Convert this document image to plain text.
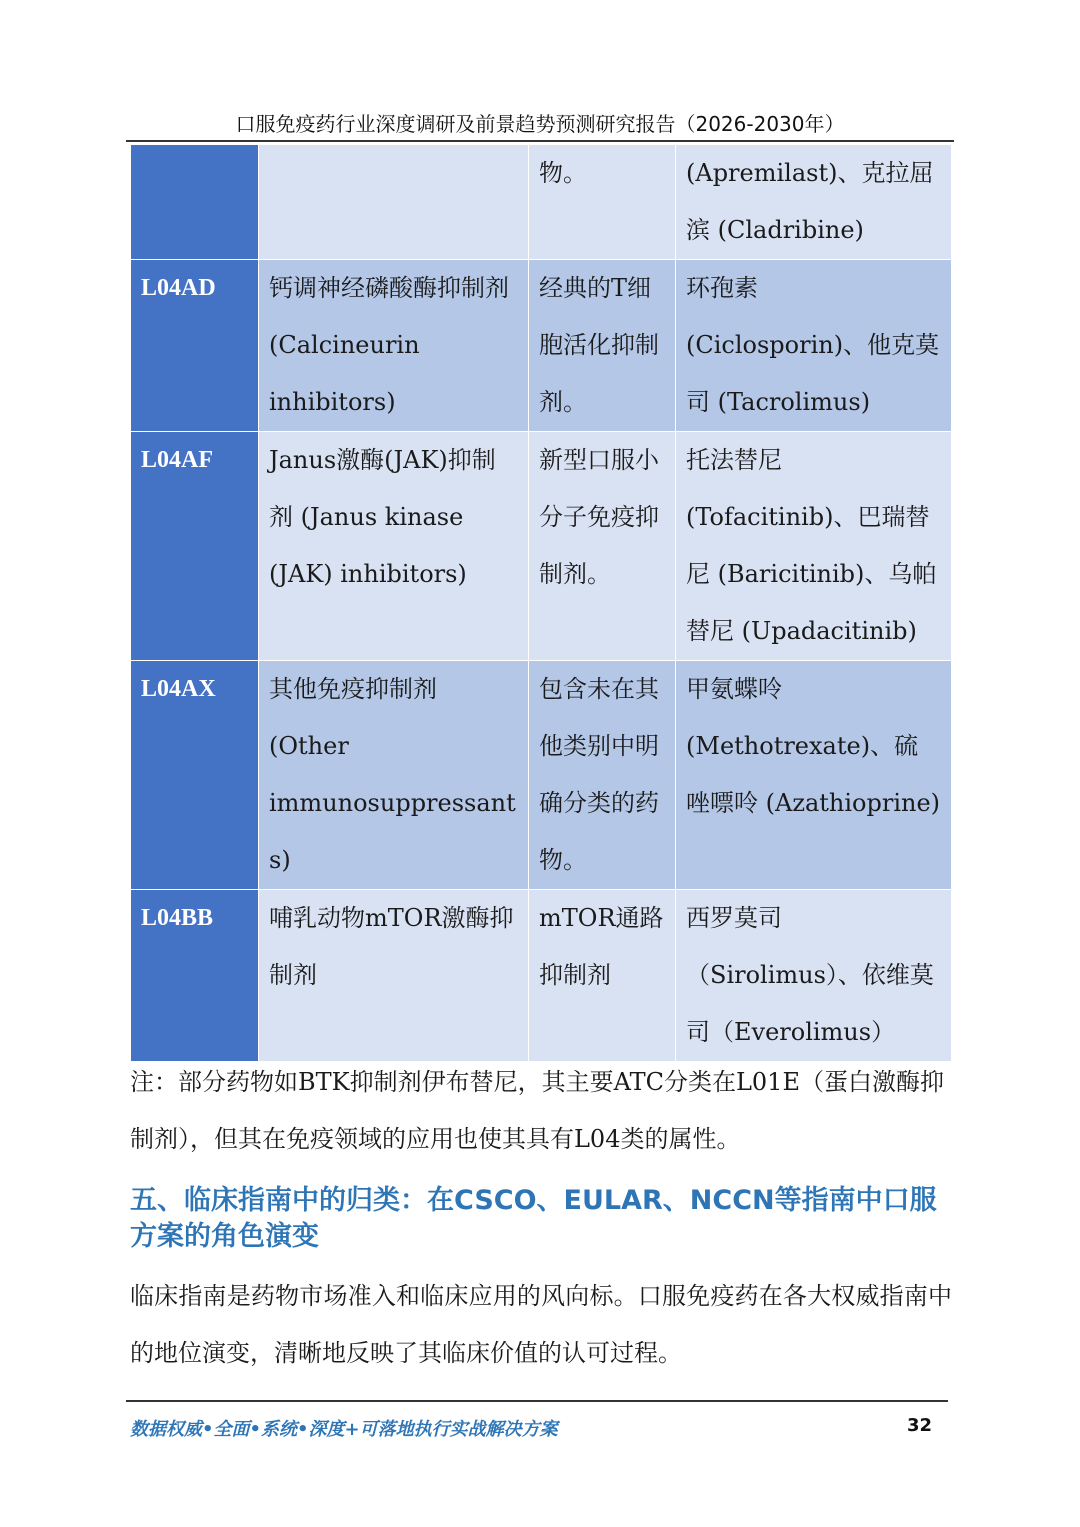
口服免疫药行业深度调研及前景趋势预测研究报告（2026-2030年）
		物。	(Apremilast)、克拉屈滨 (Cladribine)
L04AD	钙调神经磷酸酶抑制剂 (Calcineurin inhibitors)	经典的T细胞活化抑制剂。	环孢素 (Ciclosporin)、他克莫司 (Tacrolimus)
L04AF	Janus激酶(JAK)抑制剂 (Janus kinase (JAK) inhibitors)	新型口服小分子免疫抑制剂。	托法替尼 (Tofacitinib)、巴瑞替尼 (Baricitinib)、乌帕替尼 (Upadacitinib)
L04AX	其他免疫抑制剂 (Other immunosuppressants)	包含未在其他类别中明确分类的药物。	甲氨蝶呤 (Methotrexate)、硫唑嘌呤 (Azathioprine)
L04BB	哺乳动物mTOR激酶抑制剂	mTOR通路抑制剂	西罗莫司（Sirolimus）、依维莫司（Everolimus）
注：部分药物如BTK抑制剂伊布替尼，其主要ATC分类在L01E（蛋白激酶抑制剂），但其在免疫领域的应用也使其具有L04类的属性。
五、临床指南中的归类：在CSCO、EULAR、NCCN等指南中口服方案的角色演变
临床指南是药物市场准入和临床应用的风向标。口服免疫药在各大权威指南中的地位演变，清晰地反映了其临床价值的认可过程。
数据权威•全面•系统•深度+可落地执行实战解决方案	32
